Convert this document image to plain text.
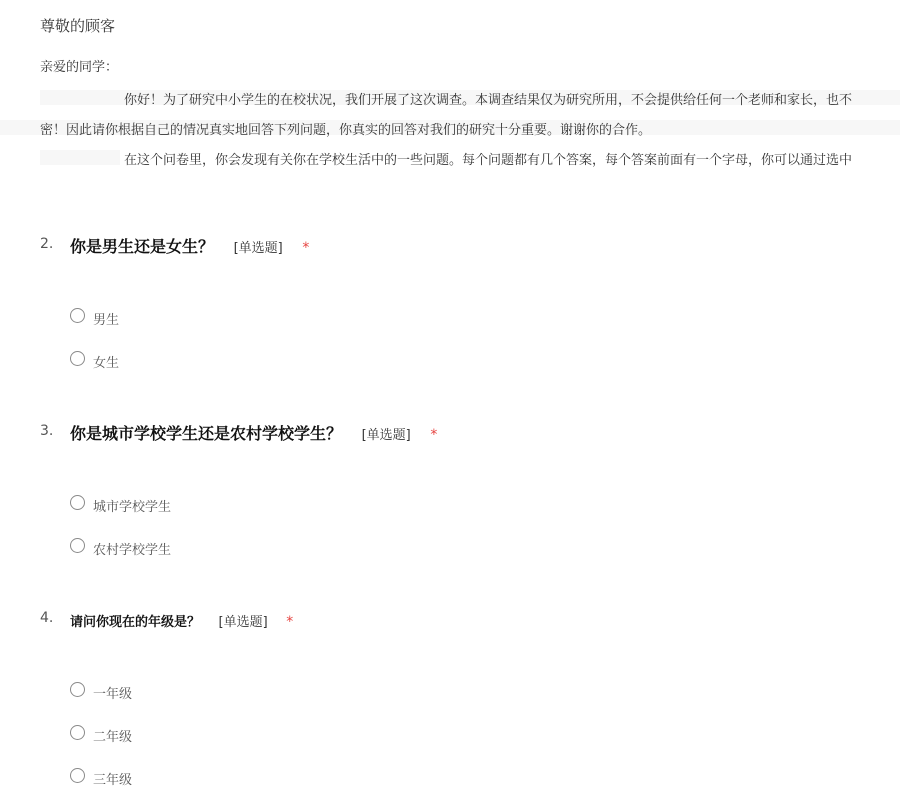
尊敬的顾客
亲爱的同学：
你好！为了研究中小学生的在校状况，我们开展了这次调查。本调查结果仅为研究所用，不会提供给任何一个老师和家长，也不
密！因此请你根据自己的情况真实地回答下列问题，你真实的回答对我们的研究十分重要。谢谢你的合作。
在这个问卷里，你会发现有关你在学校生活中的一些问题。每个问题都有几个答案，每个答案前面有一个字母，你可以通过选中
2. 你是男生还是女生？ [单选题] *
男生
女生
3. 你是城市学校学生还是农村学校学生？ [单选题] *
城市学校学生
农村学校学生
4. 请问你现在的年级是？ [单选题] *
一年级
二年级
三年级
